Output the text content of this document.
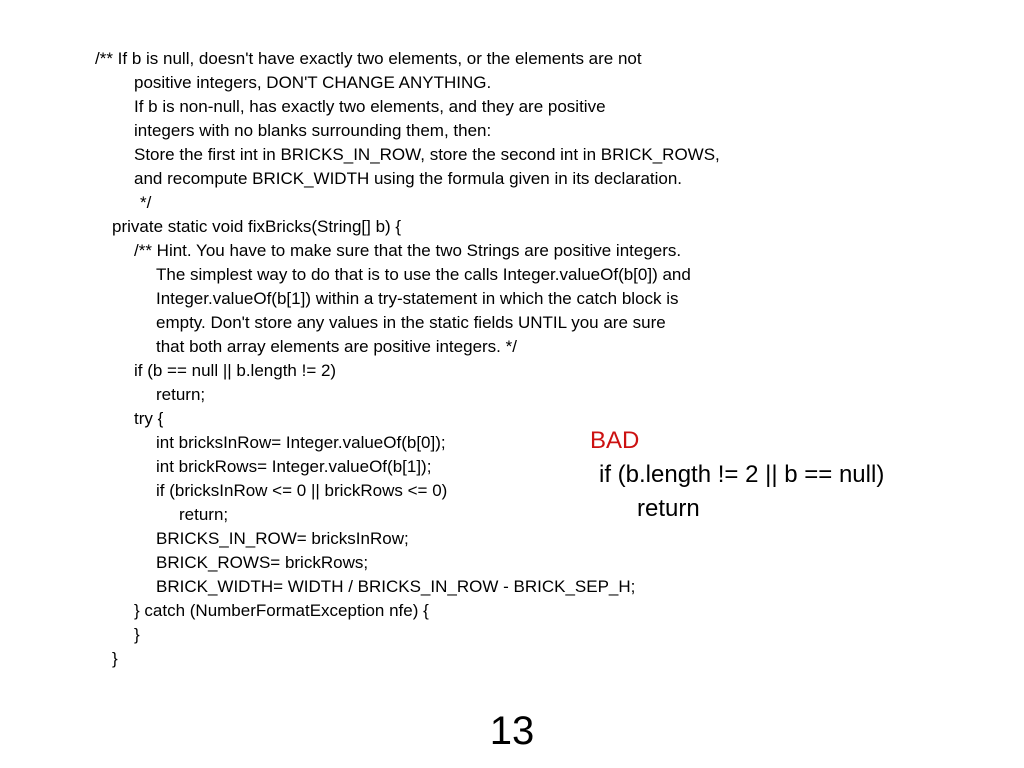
/** If b is null, doesn't have exactly two elements, or the elements are not
positive integers, DON'T CHANGE ANYTHING.
If b is non-null, has exactly two elements, and they are positive
integers with no blanks surrounding them, then:
Store the first int in BRICKS_IN_ROW, store the second int in BRICK_ROWS,
and recompute BRICK_WIDTH using the formula given in its declaration.
*/
private static void fixBricks(String[] b) {
/** Hint. You have to make sure that the two Strings are positive integers.
The simplest way to do that is to use the calls Integer.valueOf(b[0]) and
Integer.valueOf(b[1]) within a try-statement in which the catch block is
empty. Don't store any values in the static fields UNTIL you are sure
that both array elements are positive integers. */
if (b == null || b.length != 2)
return;
try {
int bricksInRow= Integer.valueOf(b[0]);
int brickRows= Integer.valueOf(b[1]);
if (bricksInRow <= 0 || brickRows <= 0)
return;
BRICKS_IN_ROW= bricksInRow;
BRICK_ROWS= brickRows;
BRICK_WIDTH= WIDTH / BRICKS_IN_ROW - BRICK_SEP_H;
} catch (NumberFormatException nfe) {
}
}
BAD
if (b.length != 2 || b == null)
return
13
